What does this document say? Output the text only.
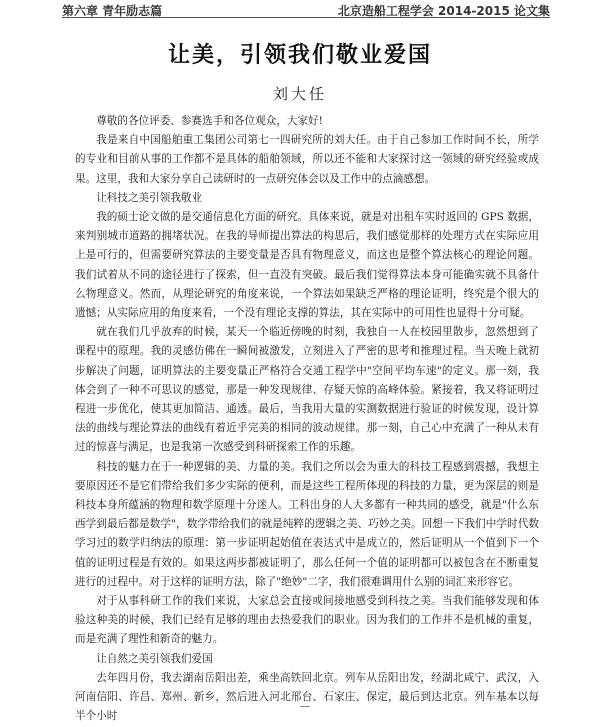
第六章 青年励志篇	北京造船工程学会 2014-2015 论文集
让美，引领我们敬业爱国
刘大任

尊敬的各位评委、参赛选手和各位观众，大家好!

我是来自中国船舶重工集团公司第七一四研究所的刘大任。由于自己参加工作时间不长，所学的专业和目前从事的工作都不是具体的船舶领域，所以还不能和大家探讨这一领域的研究经验或成果。这里，我和大家分享自己读研时的一点研究体会以及工作中的点滴感想。

让科技之美引领我敬业

我的硕士论文做的是交通信息化方面的研究。具体来说，就是对出租车实时返回的 GPS 数据，来判别城市道路的拥堵状况。在我的导师提出算法的构思后，我们感觉那样的处理方式在实际应用上是可行的，但需要研究算法的主要变量是否具有物理意义，而这也是整个算法核心的理论问题。我们试着从不同的途径进行了探索，但一直没有突破。最后我们觉得算法本身可能确实就不具备什么物理意义。然而，从理论研究的角度来说，一个算法如果缺乏严格的理论证明，终究是个很大的遗憾；从实际应用的角度来看，一个没有理论支撑的算法，其在实际中的可用性也显得十分可疑。

就在我们几乎放弃的时候，某天一个临近傍晚的时刻，我独自一人在校园里散步，忽然想到了课程中的原理。我的灵感仿佛在一瞬间被激发，立刻进入了严密的思考和推理过程。当天晚上就初步解决了问题，证明算法的主要变量正严格符合交通工程学中"空间平均车速"的定义。那一刻，我体会到了一种不可思议的感觉，那是一种发现规律、存疑天惊的高峰体验。紧接着，我又将证明过程进一步优化，使其更加简洁、通透。最后，当我用大量的实测数据进行验证的时候发现，设计算法的曲线与理论算法的曲线有着近乎完美的相同的波动规律。那一刻，自己心中充满了一种从未有过的惊喜与满足，也是我第一次感受到科研探索工作的乐趣。

科技的魅力在于一种逻辑的美、力量的美。我们之所以会为重大的科技工程感到震撼，我想主要原因还不是它们带给我们多少实际的便利，而是这些工程所体现的科技的力量，更为深层的则是科技本身所蕴涵的物理和数学原理十分迷人。工科出身的人大多都有一种共同的感受，就是"什么东西学到最后都是数学"，数学带给我们的就是纯粹的逻辑之美、巧妙之美。回想一下我们中学时代数学习过的数学归纳法的原理：第一步证明起始值在表达式中是成立的，然后证明从一个值到下一个值的证明过程是有效的。如果这两步都被证明了，那么任何一个值的证明都可以被包含在不断重复进行的过程中。对于这样的证明方法，除了"绝妙"二字，我们很难调用什么别的词汇来形容它。

对于从事科研工作的我们来说，大家总会直接或间接地感受到科技之美。当我们能够发现和体验这种美的时候，我们已经有足够的理由去热爱我们的职业。因为我们的工作并不是机械的重复，而是充满了理性和新奇的魅力。

让自然之美引领我们爱国

去年四月份，我去湖南岳阳出差，乘坐高铁回北京。列车从岳阳出发，经湖北咸宁、武汉，入河南信阳、许昌、郑州、新乡，然后进入河北邢台、石家庄、保定，最后到达北京。列车基本以每半个小时
